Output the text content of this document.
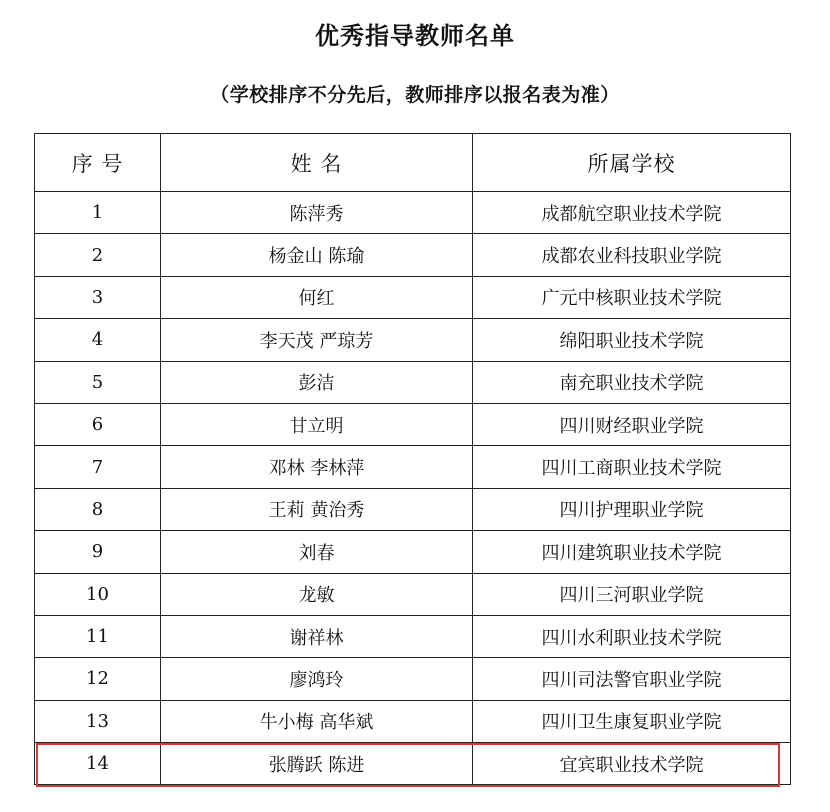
优秀指导教师名单
（学校排序不分先后，教师排序以报名表为准）
序 号	姓 名	所属学校
1	陈萍秀	成都航空职业技术学院
2	杨金山 陈瑜	成都农业科技职业学院
3	何红	广元中核职业技术学院
4	李天茂 严琼芳	绵阳职业技术学院
5	彭洁	南充职业技术学院
6	甘立明	四川财经职业学院
7	邓林 李林萍	四川工商职业技术学院
8	王莉 黄治秀	四川护理职业学院
9	刘春	四川建筑职业技术学院
10	龙敏	四川三河职业学院
11	谢祥林	四川水利职业技术学院
12	廖鸿玲	四川司法警官职业学院
13	牛小梅 高华斌	四川卫生康复职业学院
14	张腾跃 陈进	宜宾职业技术学院
